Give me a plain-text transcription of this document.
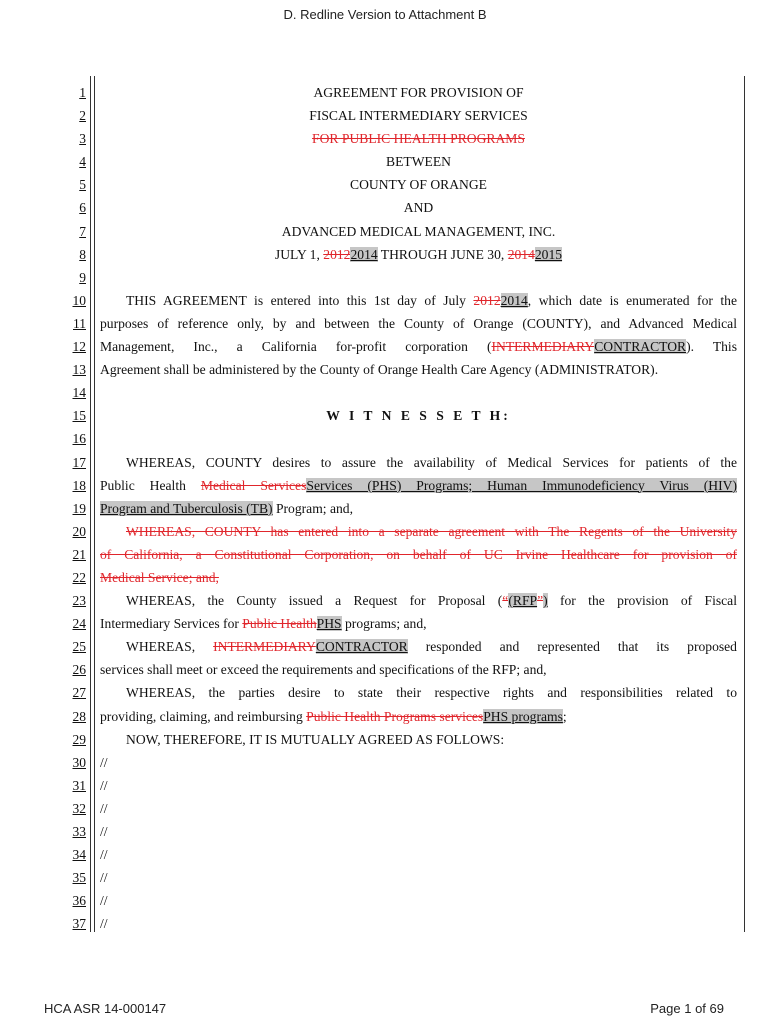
D. Redline Version to Attachment B
1
2
3
4
5
6
7
8
9
10
11
12
13
14
15
16
17
18
19
20
21
22
23
24
25
26
27
28
29
30
31
32
33
34
35
36
37
AGREEMENT FOR PROVISION OF
FISCAL INTERMEDIARY SERVICES
FOR PUBLIC HEALTH PROGRAMS
BETWEEN
COUNTY OF ORANGE
AND
ADVANCED MEDICAL MANAGEMENT, INC.
JULY 1, 20122014 THROUGH JUNE 30, 20142015

THIS AGREEMENT is entered into this 1st day of July 20122014, which date is enumerated for the
purposes of reference only, by and between the County of Orange (COUNTY), and Advanced Medical
Management, Inc., a California for-profit corporation (INTERMEDIARYCONTRACTOR). This
Agreement shall be administered by the County of Orange Health Care Agency (ADMINISTRATOR).

W I T N E S S E T H:

WHEREAS, COUNTY desires to assure the availability of Medical Services for patients of the
Public Health Medical ServicesServices (PHS) Programs; Human Immunodeficiency Virus (HIV)
Program and Tuberculosis (TB) Program; and,
WHEREAS, COUNTY has entered into a separate agreement with The Regents of the University
of California, a Constitutional Corporation, on behalf of UC Irvine Healthcare for provision of
Medical Service; and,
WHEREAS, the County issued a Request for Proposal (“(RFP”) for the provision of Fiscal
Intermediary Services for Public HealthPHS programs; and,
WHEREAS, INTERMEDIARYCONTRACTOR responded and represented that its proposed
services shall meet or exceed the requirements and specifications of the RFP; and,
WHEREAS, the parties desire to state their respective rights and responsibilities related to
providing, claiming, and reimbursing Public Health Programs servicesPHS programs;
NOW, THEREFORE, IT IS MUTUALLY AGREED AS FOLLOWS:
//
//
//
//
//
//
//
//
HCA ASR 14-000147	Page 1 of 69
